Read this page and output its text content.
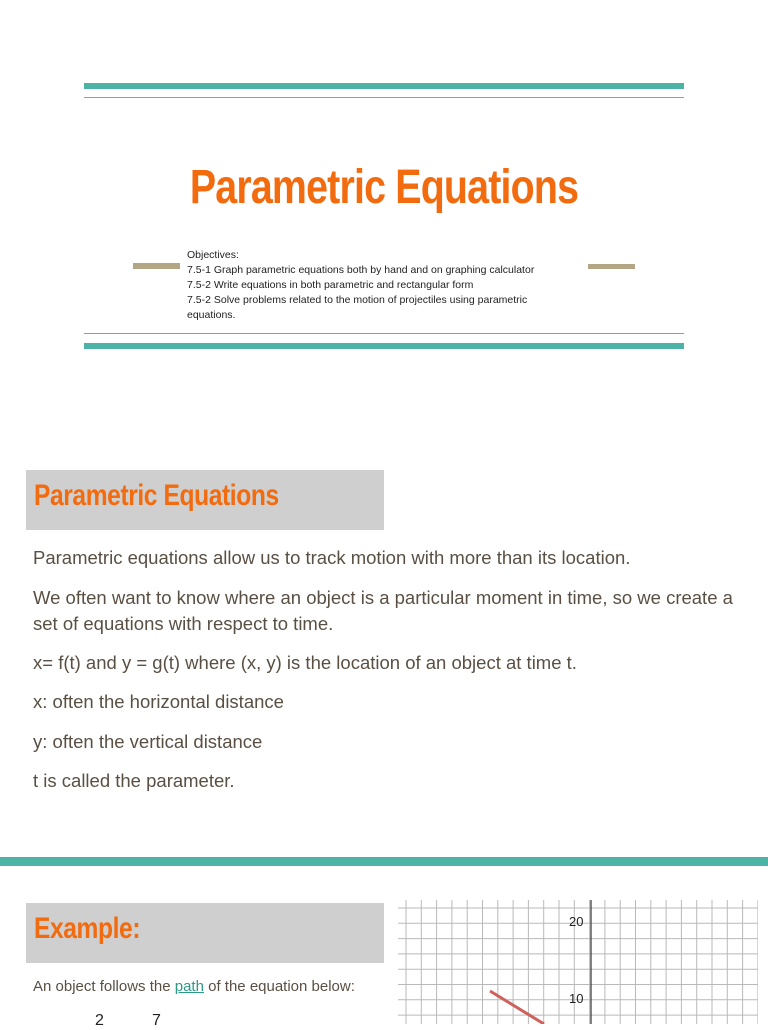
Parametric Equations
Objectives:
7.5-1 Graph parametric equations both by hand and on graphing calculator
7.5-2 Write equations in both parametric and rectangular form
7.5-2 Solve problems related to the motion of projectiles using parametric
equations.
Parametric Equations
Parametric equations allow us to track motion with more than its location.
We often want to know where an object is a particular moment in time, so we create a set of equations with respect to time.
x= f(t) and y = g(t) where (x, y) is the location of an object at time t.
x: often the horizontal distance
y: often the vertical distance
t is called the parameter.
Example:
An object follows the path of the equation below:
2	7
20
10
